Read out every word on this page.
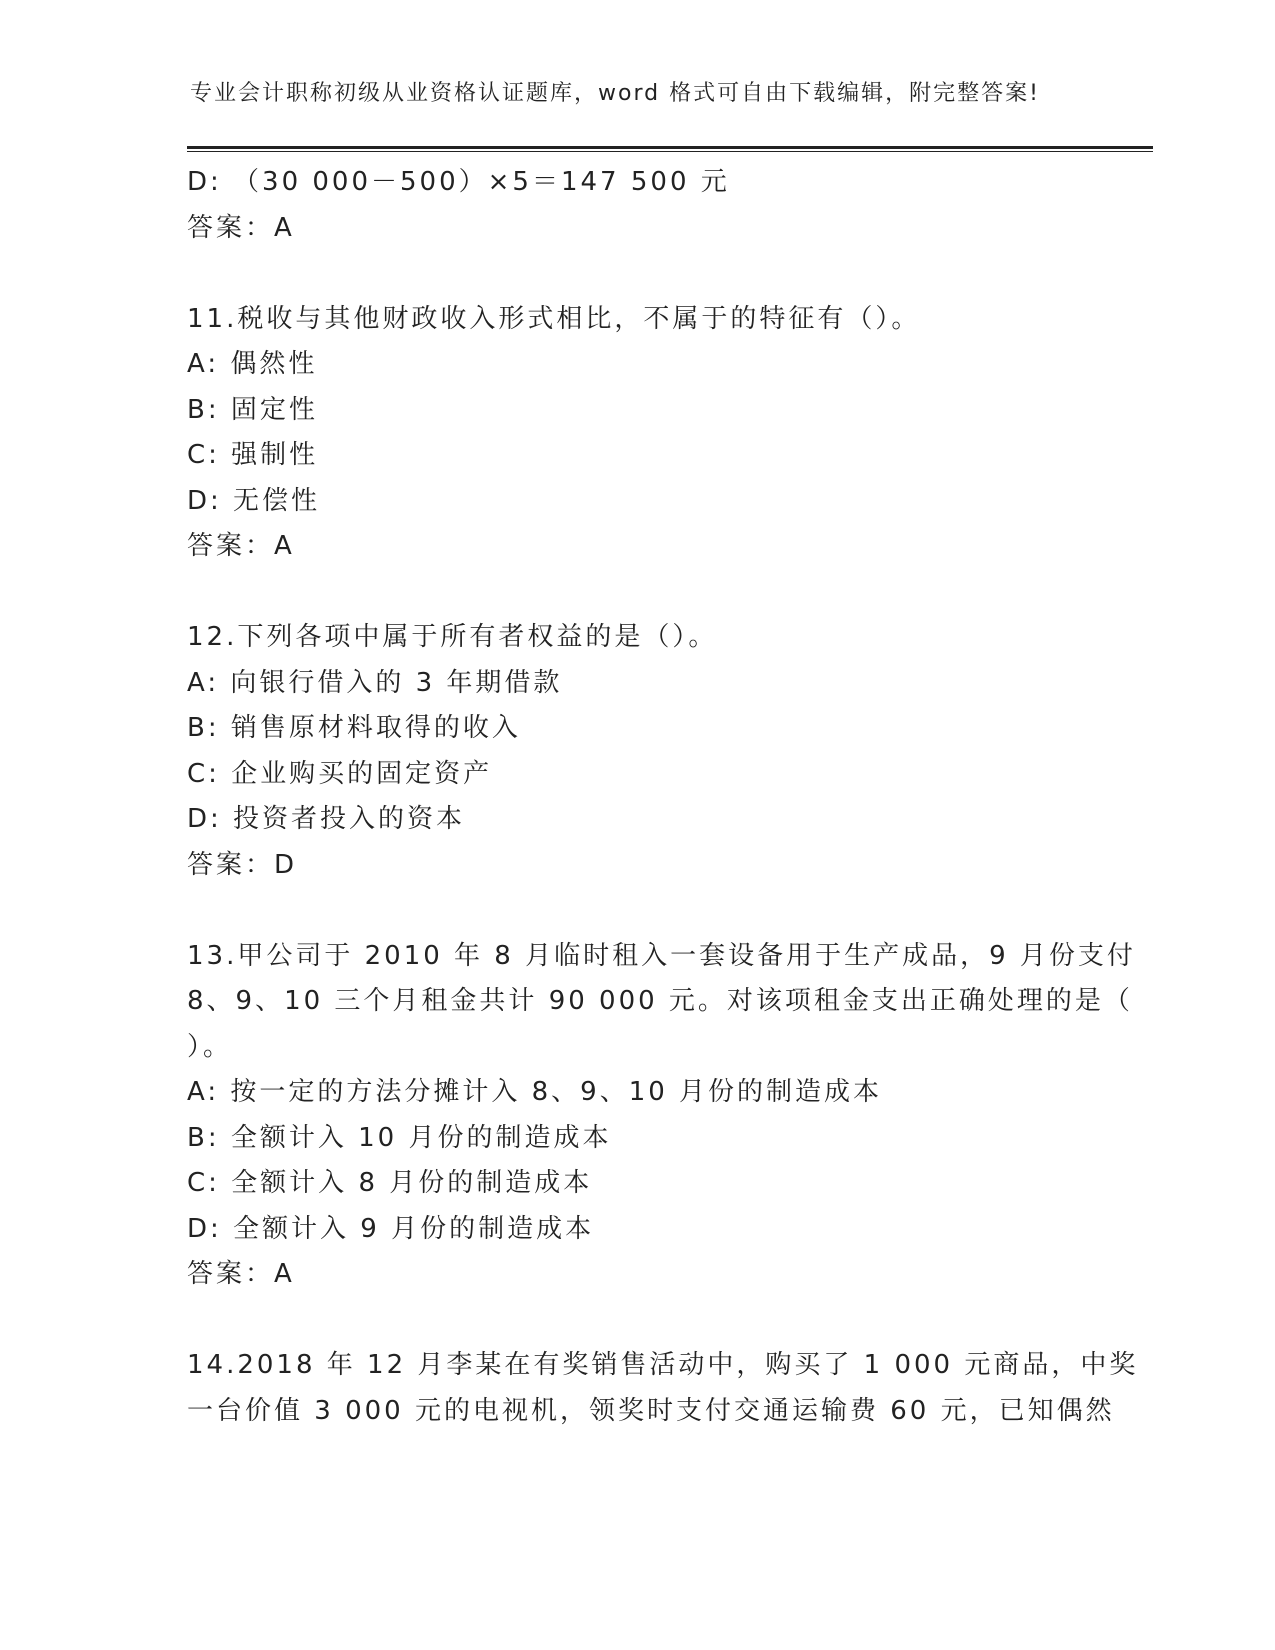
专业会计职称初级从业资格认证题库，word 格式可自由下载编辑，附完整答案!
D: （30 000－500）×5＝147 500 元
答案：A
11.税收与其他财政收入形式相比，不属于的特征有（）。
A: 偶然性
B: 固定性
C: 强制性
D: 无偿性
答案：A
12.下列各项中属于所有者权益的是（）。
A: 向银行借入的 3 年期借款
B: 销售原材料取得的收入
C: 企业购买的固定资产
D: 投资者投入的资本
答案：D
13.甲公司于 2010 年 8 月临时租入一套设备用于生产成品，9 月份支付
8、9、10 三个月租金共计 90 000 元。对该项租金支出正确处理的是（
）。
A: 按一定的方法分摊计入 8、9、10 月份的制造成本
B: 全额计入 10 月份的制造成本
C: 全额计入 8 月份的制造成本
D: 全额计入 9 月份的制造成本
答案：A
14.2018 年 12 月李某在有奖销售活动中，购买了 1 000 元商品，中奖
一台价值 3 000 元的电视机，领奖时支付交通运输费 60 元，已知偶然
